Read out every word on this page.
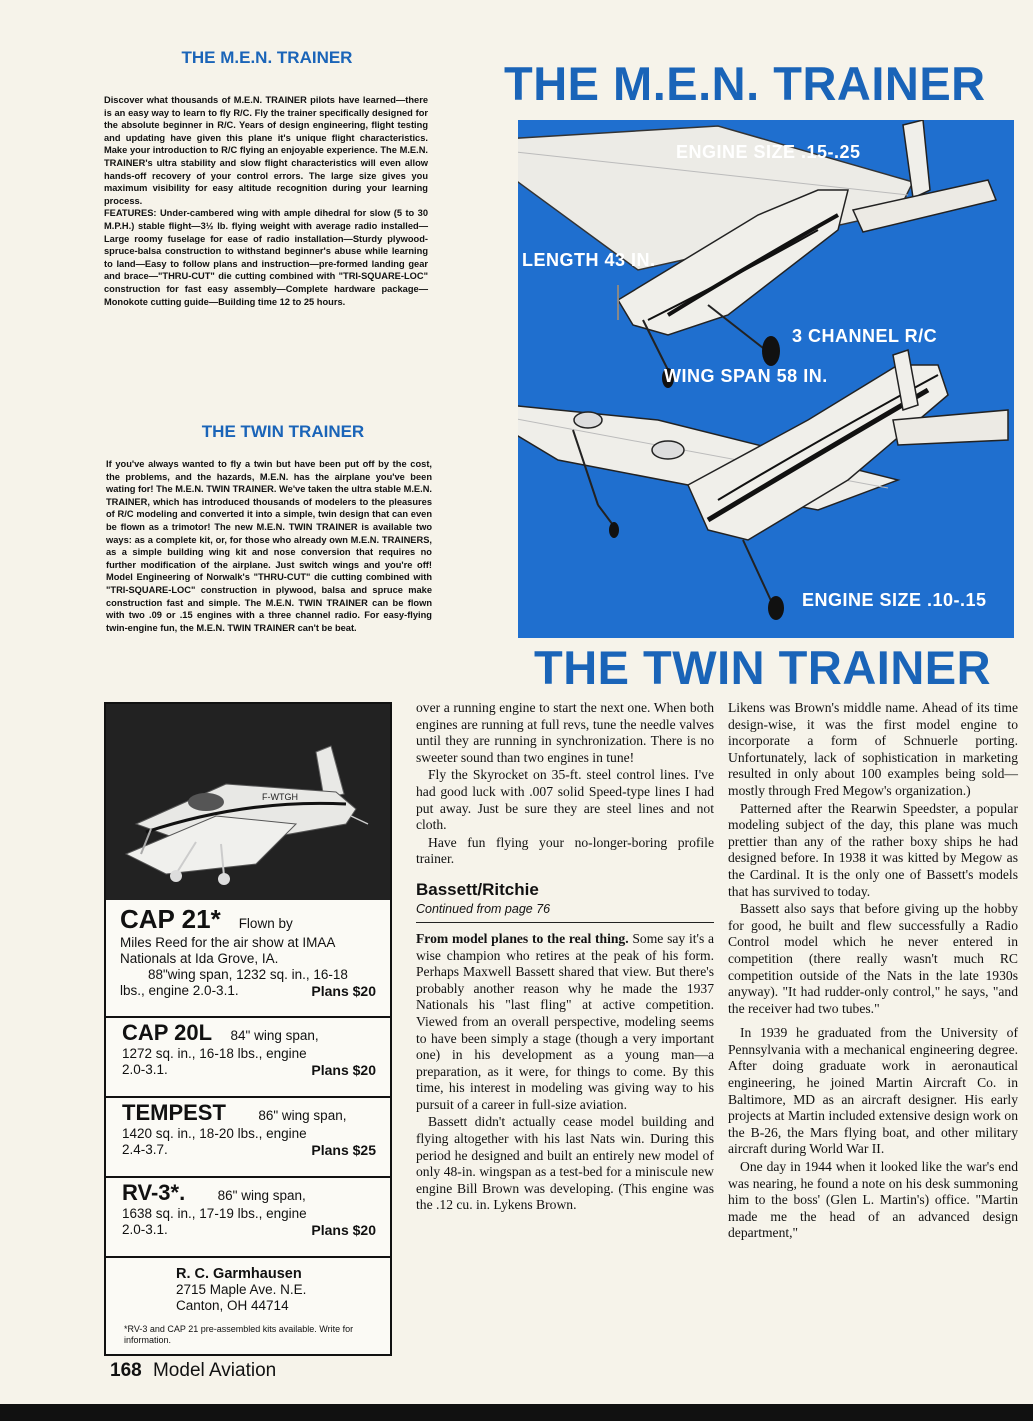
THE M.E.N. TRAINER

Discover what thousands of M.E.N. TRAINER pilots have learned—there is an easy way to learn to fly R/C. Fly the trainer specifically designed for the absolute beginner in R/C. Years of design engineering, flight testing and updating have given this plane it's unique flight characteristics. Make your introduction to R/C flying an enjoyable experience. The M.E.N. TRAINER's ultra stability and slow flight characteristics will even allow hands-off recovery of your control errors. The large size gives you maximum visibility for easy altitude recognition during your learning process.

FEATURES: Under-cambered wing with ample dihedral for slow (5 to 30 M.P.H.) stable flight—3½ lb. flying weight with average radio installed—Large roomy fuselage for ease of radio installation—Sturdy plywood-spruce-balsa construction to withstand beginner's abuse while learning to land—Easy to follow plans and instruction—pre-formed landing gear and brace—"THRU-CUT" die cutting combined with "TRI-SQUARE-LOC" construction for fast easy assembly—Complete hardware package—Monokote cutting guide—Building time 12 to 25 hours.

THE TWIN TRAINER

If you've always wanted to fly a twin but have been put off by the cost, the problems, and the hazards, M.E.N. has the airplane you've been wating for! The M.E.N. TWIN TRAINER. We've taken the ultra stable M.E.N. TRAINER, which has introduced thousands of modelers to the pleasures of R/C modeling and converted it into a simple, twin design that can even be flown as a trimotor! The new M.E.N. TWIN TRAINER is available two ways: as a complete kit, or, for those who already own M.E.N. TRAINERS, as a simple building wing kit and nose conversion that requires no further modification of the airplane. Just switch wings and you're off! Model Engineering of Norwalk's "THRU-CUT" die cutting combined with "TRI-SQUARE-LOC" construction in plywood, balsa and spruce make construction fast and simple. The M.E.N. TWIN TRAINER can be flown with two .09 or .15 engines with a three channel radio. For easy-flying twin-engine fun, the M.E.N. TWIN TRAINER can't be beat.

THE M.E.N. TRAINER
THE TWIN TRAINER
ENGINE SIZE .15-.25
LENGTH 43 IN.
3 CHANNEL R/C
WING SPAN 58 IN.
ENGINE SIZE .10-.15
F-WTGH
CAP 21* Flown by
Miles Reed for the air show at IMAA Nationals at Ida Grove, IA.
88"wing span, 1232 sq. in., 16-18 lbs., engine 2.0-3.1.	Plans $20
CAP 20L 84" wing span,
1272 sq. in., 16-18 lbs., engine 2.0-3.1.	Plans $20
TEMPEST 86" wing span,
1420 sq. in., 18-20 lbs., engine 2.4-3.7.	Plans $25
RV-3*. 86" wing span,
1638 sq. in., 17-19 lbs., engine 2.0-3.1.	Plans $20
R. C. Garmhausen
2715 Maple Ave. N.E.
Canton, OH 44714
*RV-3 and CAP 21 pre-assembled kits available. Write for information.

over a running engine to start the next one. When both engines are running at full revs, tune the needle valves until they are running in synchronization. There is no sweeter sound than two engines in tune!

Fly the Skyrocket on 35-ft. steel control lines. I've had good luck with .007 solid Speed-type lines I had put away. Just be sure they are steel lines and not cloth.

Have fun flying your no-longer-boring profile trainer.

Bassett/Ritchie
Continued from page 76

From model planes to the real thing. Some say it's a wise champion who retires at the peak of his form. Perhaps Maxwell Bassett shared that view. But there's probably another reason why he made the 1937 Nationals his "last fling" at active competition. Viewed from an overall perspective, modeling seems to have been simply a stage (though a very important one) in his development as a young man—a preparation, as it were, for things to come. By this time, his interest in modeling was giving way to his pursuit of a career in full-size aviation.

Bassett didn't actually cease model building and flying altogether with his last Nats win. During this period he designed and built an entirely new model of only 48-in. wingspan as a test-bed for a miniscule new engine Bill Brown was developing. (This engine was the .12 cu. in. Lykens Brown.

Likens was Brown's middle name. Ahead of its time design-wise, it was the first model engine to incorporate a form of Schnuerle porting. Unfortunately, lack of sophistication in marketing resulted in only about 100 examples being sold—mostly through Fred Megow's organization.)

Patterned after the Rearwin Speedster, a popular modeling subject of the day, this plane was much prettier than any of the rather boxy ships he had designed before. In 1938 it was kitted by Megow as the Cardinal. It is the only one of Bassett's models that has survived to today.

Bassett also says that before giving up the hobby for good, he built and flew successfully a Radio Control model which he never entered in competition (there really wasn't much RC competition outside of the Nats in the late 1930s anyway). "It had rudder-only control," he says, "and the receiver had two tubes."

In 1939 he graduated from the University of Pennsylvania with a mechanical engineering degree. After doing graduate work in aeronautical engineering, he joined Martin Aircraft Co. in Baltimore, MD as an aircraft designer. His early projects at Martin included extensive design work on the B-26, the Mars flying boat, and other military aircraft during World War II.

One day in 1944 when it looked like the war's end was nearing, he found a note on his desk summoning him to the boss' (Glen L. Martin's) office. "Martin made me the head of an advanced design department,"

168 Model Aviation
